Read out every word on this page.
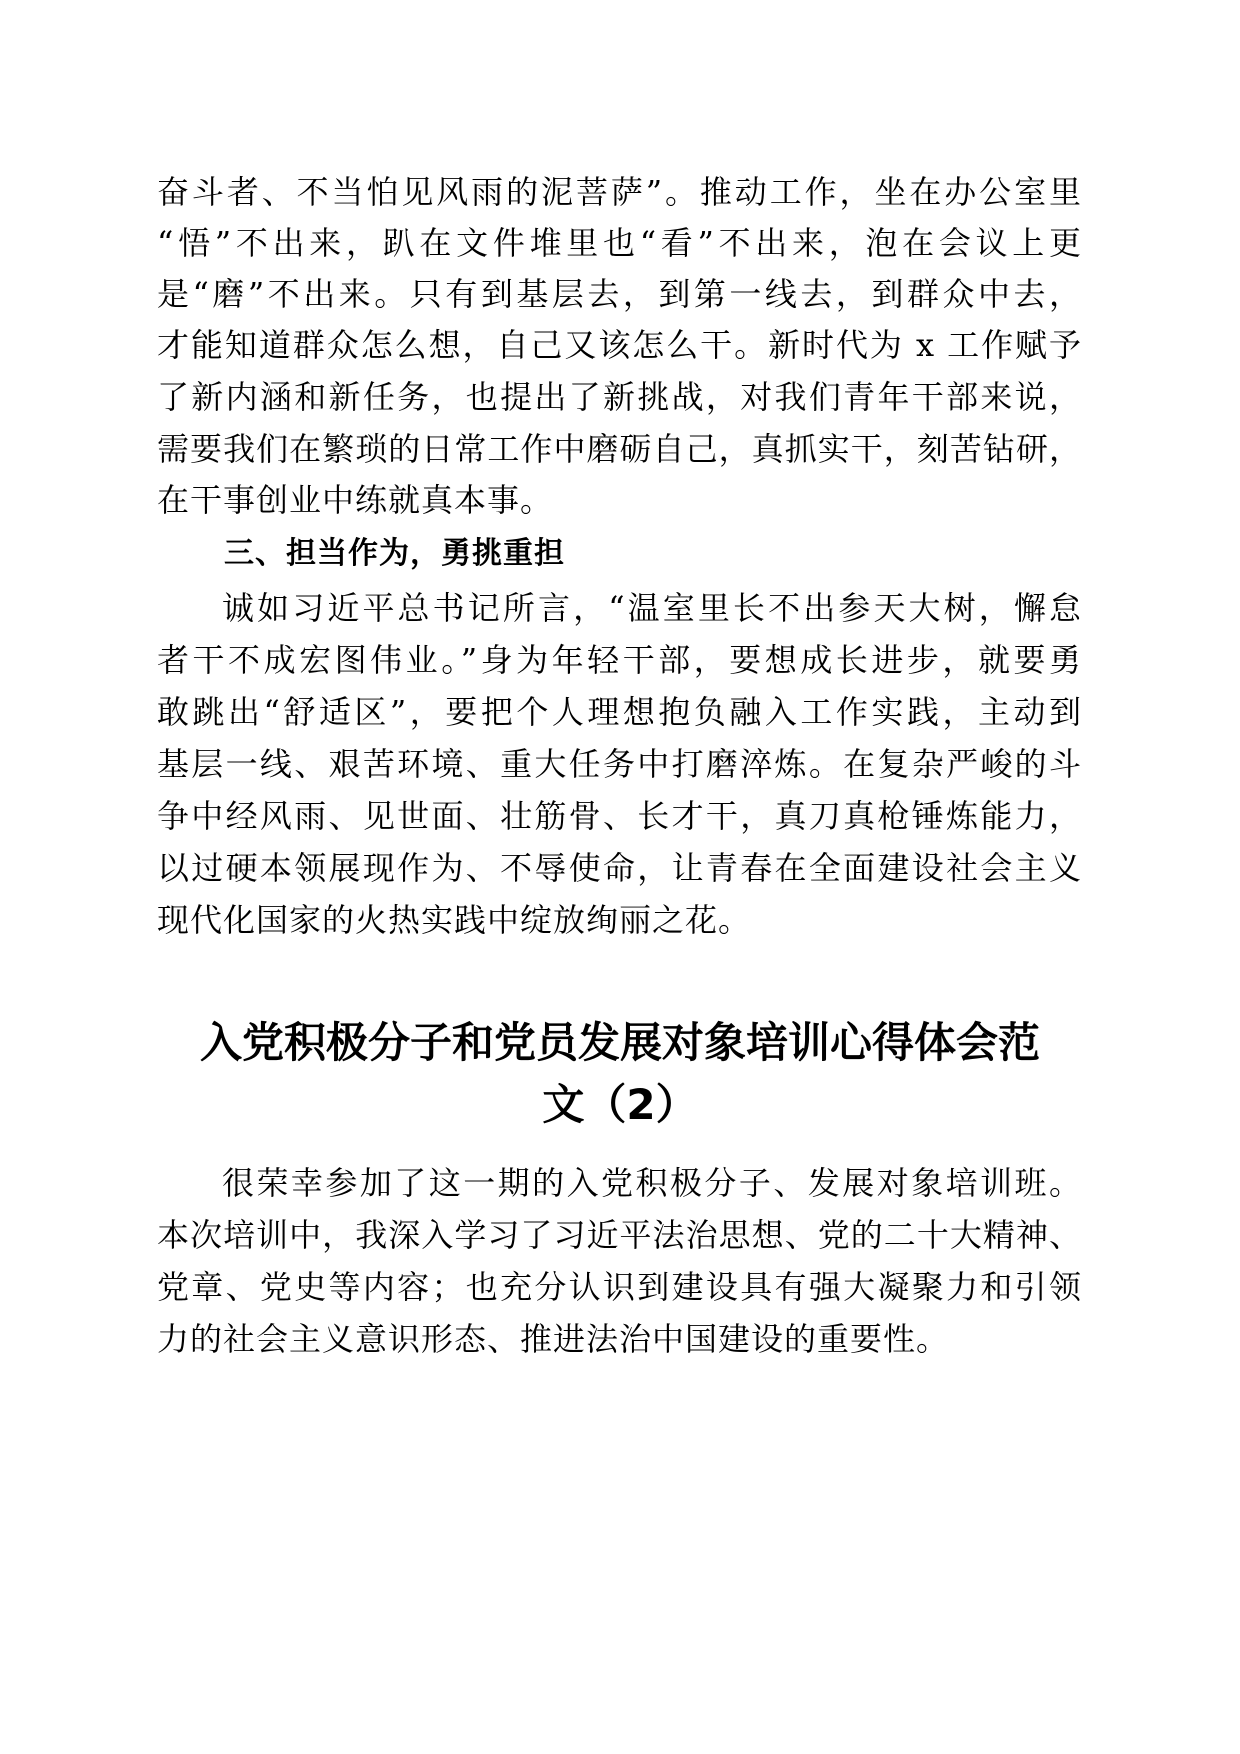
奋斗者、不当怕见风雨的泥菩萨”。推动工作，坐在办公室里
“悟”不出来，趴在文件堆里也“看”不出来，泡在会议上更
是“磨”不出来。只有到基层去，到第一线去，到群众中去，
才能知道群众怎么想，自己又该怎么干。新时代为 x 工作赋予
了新内涵和新任务，也提出了新挑战，对我们青年干部来说，
需要我们在繁琐的日常工作中磨砺自己，真抓实干，刻苦钻研，
在干事创业中练就真本事。
三、担当作为，勇挑重担
诚如习近平总书记所言，“温室里长不出参天大树，懈怠
者干不成宏图伟业。”身为年轻干部，要想成长进步，就要勇
敢跳出“舒适区”，要把个人理想抱负融入工作实践，主动到
基层一线、艰苦环境、重大任务中打磨淬炼。在复杂严峻的斗
争中经风雨、见世面、壮筋骨、长才干，真刀真枪锤炼能力，
以过硬本领展现作为、不辱使命，让青春在全面建设社会主义
现代化国家的火热实践中绽放绚丽之花。
入党积极分子和党员发展对象培训心得体会范
文（2）
很荣幸参加了这一期的入党积极分子、发展对象培训班。
本次培训中，我深入学习了习近平法治思想、党的二十大精神、
党章、党史等内容；也充分认识到建设具有强大凝聚力和引领
力的社会主义意识形态、推进法治中国建设的重要性。
